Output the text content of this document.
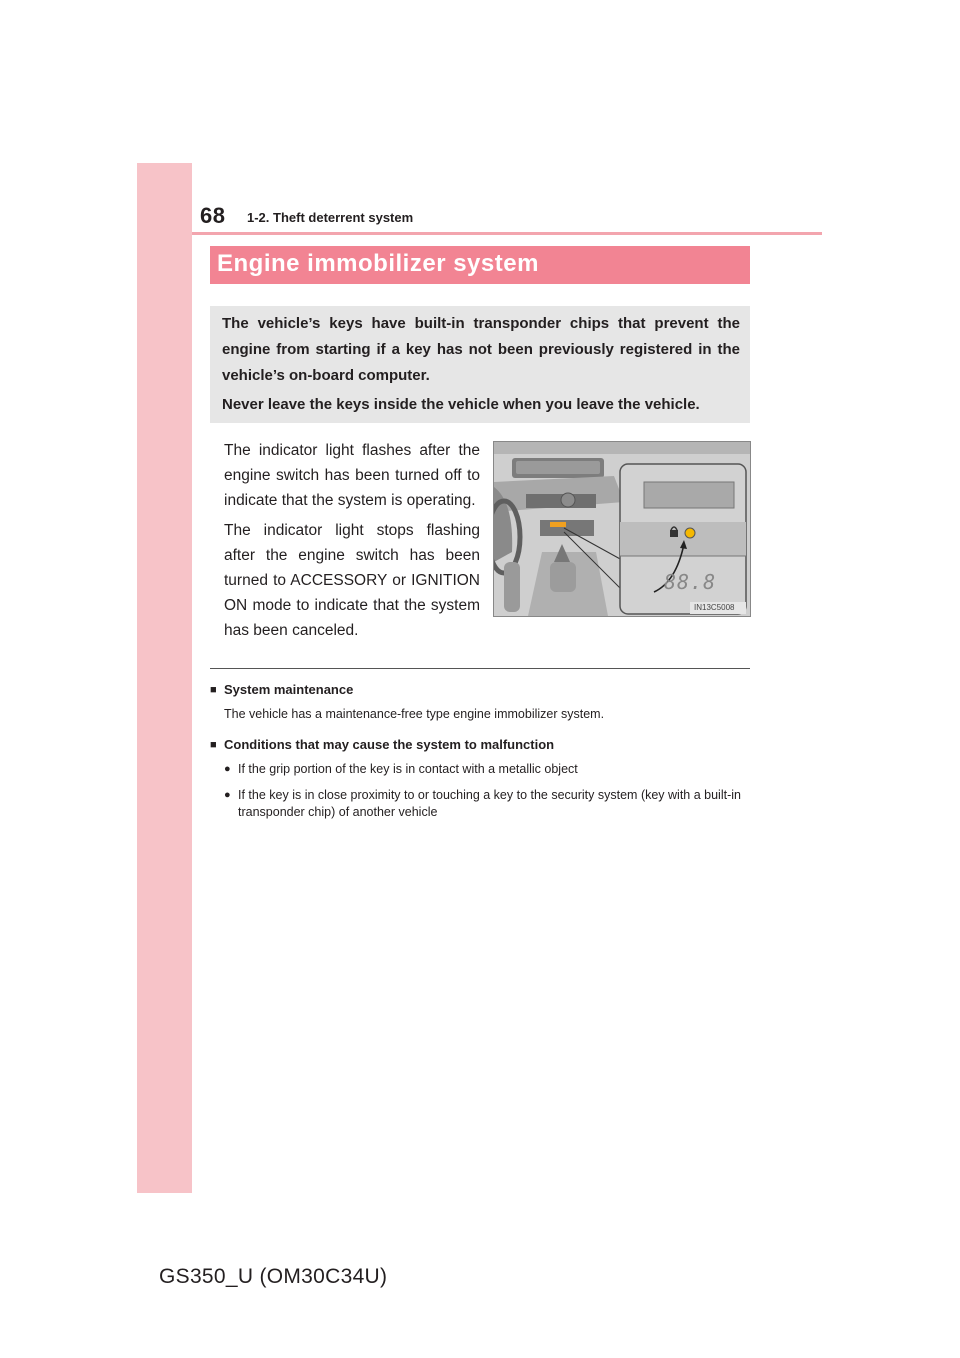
68 1-2. Theft deterrent system
Engine immobilizer system

The vehicle’s keys have built-in transponder chips that prevent the engine from starting if a key has not been previously registered in the vehicle’s on-board computer.

Never leave the keys inside the vehicle when you leave the vehicle.

The indicator light flashes after the engine switch has been turned off to indicate that the system is operating.
The indicator light stops flashing after the engine switch has been turned to ACCESSORY or IGNITION ON mode to indicate that the system has been canceled.
88.8
IN13C5008
■ System maintenance
The vehicle has a maintenance-free type engine immobilizer system.
■ Conditions that may cause the system to malfunction
● If the grip portion of the key is in contact with a metallic object
● If the key is in close proximity to or touching a key to the security system (key with a built-in transponder chip) of another vehicle
GS350_U (OM30C34U)
